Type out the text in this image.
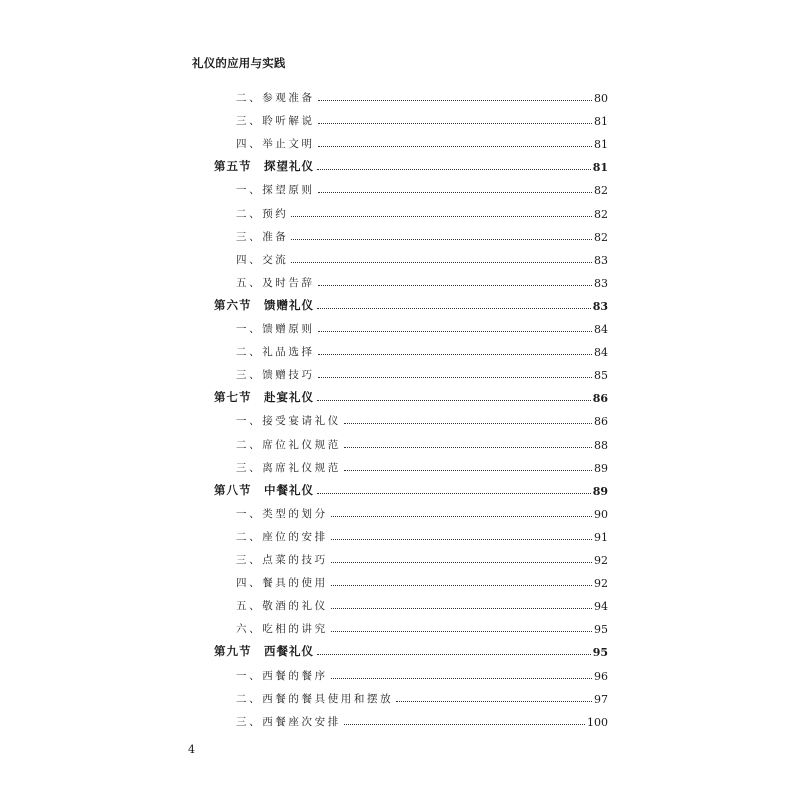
礼仪的应用与实践
二、参观准备	80
三、聆听解说	81
四、举止文明	81
第五节　探望礼仪	81
一、探望原则	82
二、预约	82
三、准备	82
四、交流	83
五、及时告辞	83
第六节　馈赠礼仪	83
一、馈赠原则	84
二、礼品选择	84
三、馈赠技巧	85
第七节　赴宴礼仪	86
一、接受宴请礼仪	86
二、席位礼仪规范	88
三、离席礼仪规范	89
第八节　中餐礼仪	89
一、类型的划分	90
二、座位的安排	91
三、点菜的技巧	92
四、餐具的使用	92
五、敬酒的礼仪	94
六、吃相的讲究	95
第九节　西餐礼仪	95
一、西餐的餐序	96
二、西餐的餐具使用和摆放	97
三、西餐座次安排	100
4
